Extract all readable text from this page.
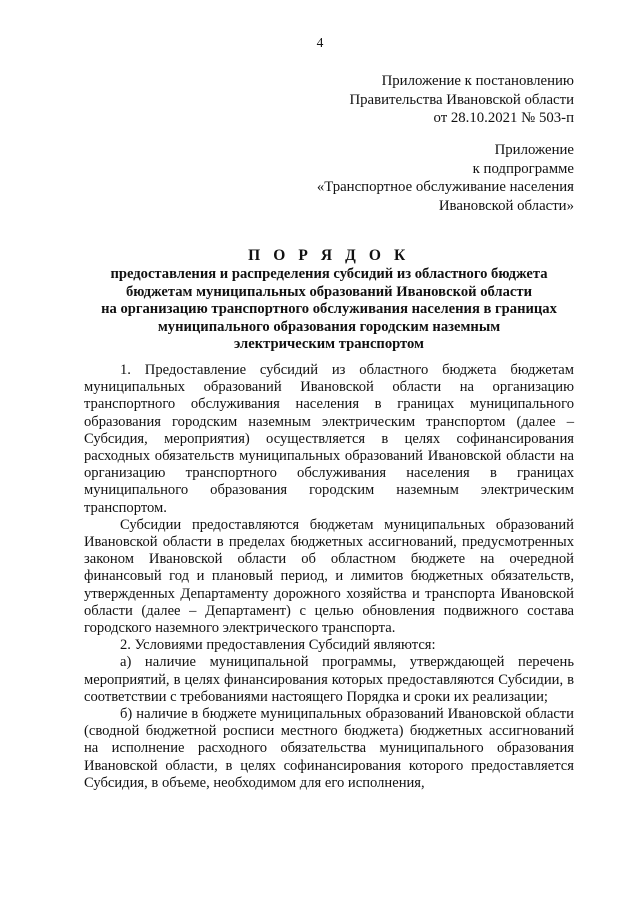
4
Приложение к постановлению
Правительства Ивановской области
от 28.10.2021 № 503-п
Приложение
к подпрограмме
«Транспортное обслуживание населения
Ивановской области»
П О Р Я Д О К
предоставления и распределения субсидий из областного бюджета
бюджетам муниципальных образований Ивановской области
на организацию транспортного обслуживания населения в границах
муниципального образования городским наземным
электрическим транспортом

1. Предоставление субсидий из областного бюджета бюджетам муниципальных образований Ивановской области на организацию транспортного обслуживания населения в границах муниципального образования городским наземным электрическим транспортом (далее – Субсидия, мероприятия) осуществляется в целях софинансирования расходных обязательств муниципальных образований Ивановской области на организацию транспортного обслуживания населения в границах муниципального образования городским наземным электрическим транспортом.

Субсидии предоставляются бюджетам муниципальных образований Ивановской области в пределах бюджетных ассигнований, предусмотренных законом Ивановской области об областном бюджете на очередной финансовый год и плановый период, и лимитов бюджетных обязательств, утвержденных Департаменту дорожного хозяйства и транспорта Ивановской области (далее – Департамент) с целью обновления подвижного состава городского наземного электрического транспорта.

2. Условиями предоставления Субсидий являются:

а) наличие муниципальной программы, утверждающей перечень мероприятий, в целях финансирования которых предоставляются Субсидии, в соответствии с требованиями настоящего Порядка и сроки их реализации;

б) наличие в бюджете муниципальных образований Ивановской области (сводной бюджетной росписи местного бюджета) бюджетных ассигнований на исполнение расходного обязательства муниципального образования Ивановской области, в целях софинансирования которого предоставляется Субсидия, в объеме, необходимом для его исполнения,
